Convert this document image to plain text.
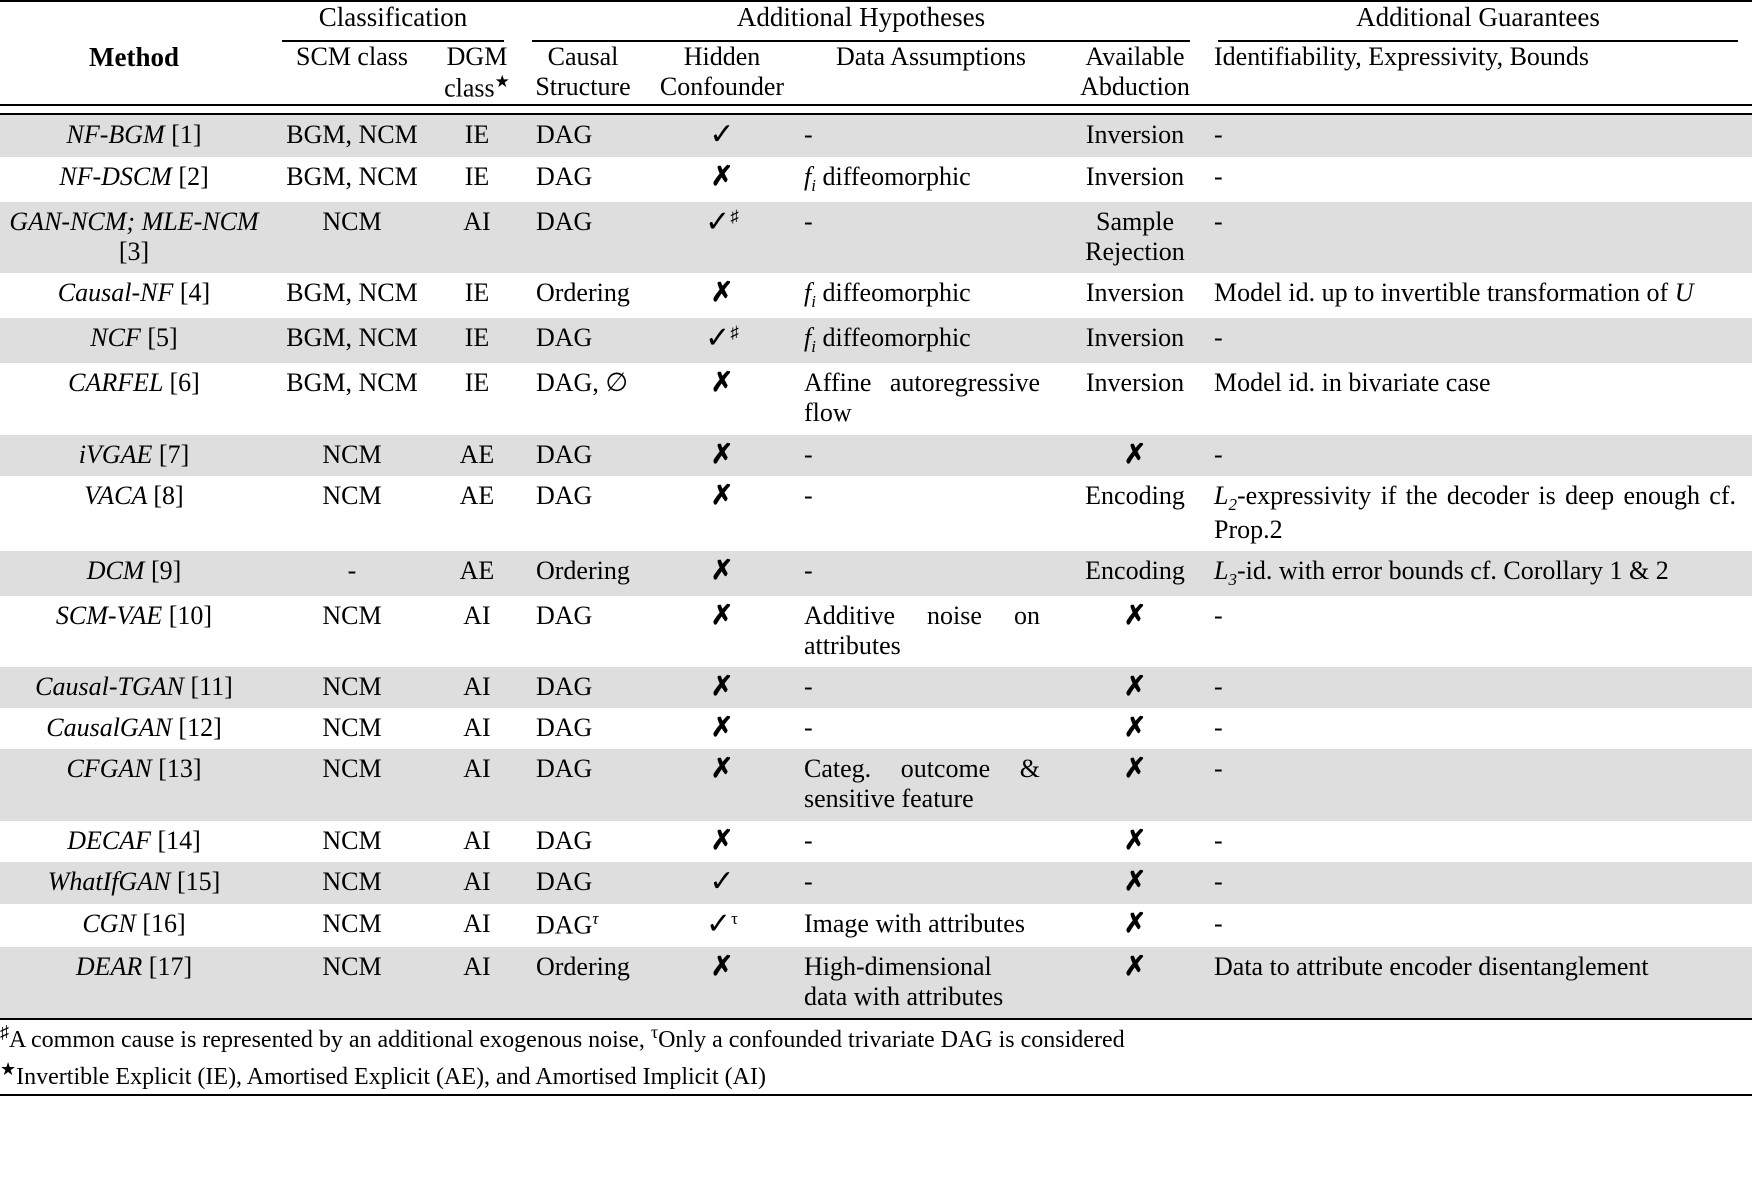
	Classification		Additional Hypotheses				Additional Guarantees

Method	SCM class	DGM class★	Causal Structure	Hidden Confounder	Data Assumptions	Available Abduction	Identifiability, Expressivity, Bounds

NF-BGM [1]	BGM, NCM	IE	DAG	✓	-	Inversion	-
NF-DSCM [2]	BGM, NCM	IE	DAG	✗	$f_i$ diffeomorphic	Inversion	-
GAN-NCM; MLE-NCM [3]	NCM	AI	DAG	✓♯	-	Sample Rejection	-
Causal-NF [4]	BGM, NCM	IE	Ordering	✗	$f_i$ diffeomorphic	Inversion	Model id. up to invertible transformation of U
NCF [5]	BGM, NCM	IE	DAG	✓♯	$f_i$ diffeomorphic	Inversion	-
CARFEL [6]	BGM, NCM	IE	DAG, ∅	✗	Affine autoregressive flow	Inversion	Model id. in bivariate case
iVGAE [7]	NCM	AE	DAG	✗	-	✗	-
VACA [8]	NCM	AE	DAG	✗	-	Encoding	$L_2$-expressivity if the decoder is deep enough cf. Prop.2
DCM [9]	-	AE	Ordering	✗	-	Encoding	$L_3-id$. with error bounds cf. Corollary 1 & 2
SCM-VAE [10]	NCM	AI	DAG	✗	Additive noise on attributes	✗	-
Causal-TGAN [11]	NCM	AI	DAG	✗	-	✗	-
CausalGAN [12]	NCM	AI	DAG	✗	-	✗	-
CFGAN [13]	NCM	AI	DAG	✗	Categ. outcome & sensitive feature	✗	-
DECAF [14]	NCM	AI	DAG	✗	-	✗	-
WhatIfGAN [15]	NCM	AI	DAG	✓	-	✗	-
CGN [16]	NCM	AI	$DAG^\tau$	✓$^\tau$	Image with attributes	✗	-
DEAR [17]	NCM	AI	Ordering	✗	High-dimensional data with attributes	✗	Data to attribute encoder disentanglement

♯A common cause is represented by an additional exogenous noise, $^\tau$Only a confounded trivariate DAG is considered
★Invertible Explicit (IE), Amortised Explicit (AE), and Amortised Implicit (AI)							
